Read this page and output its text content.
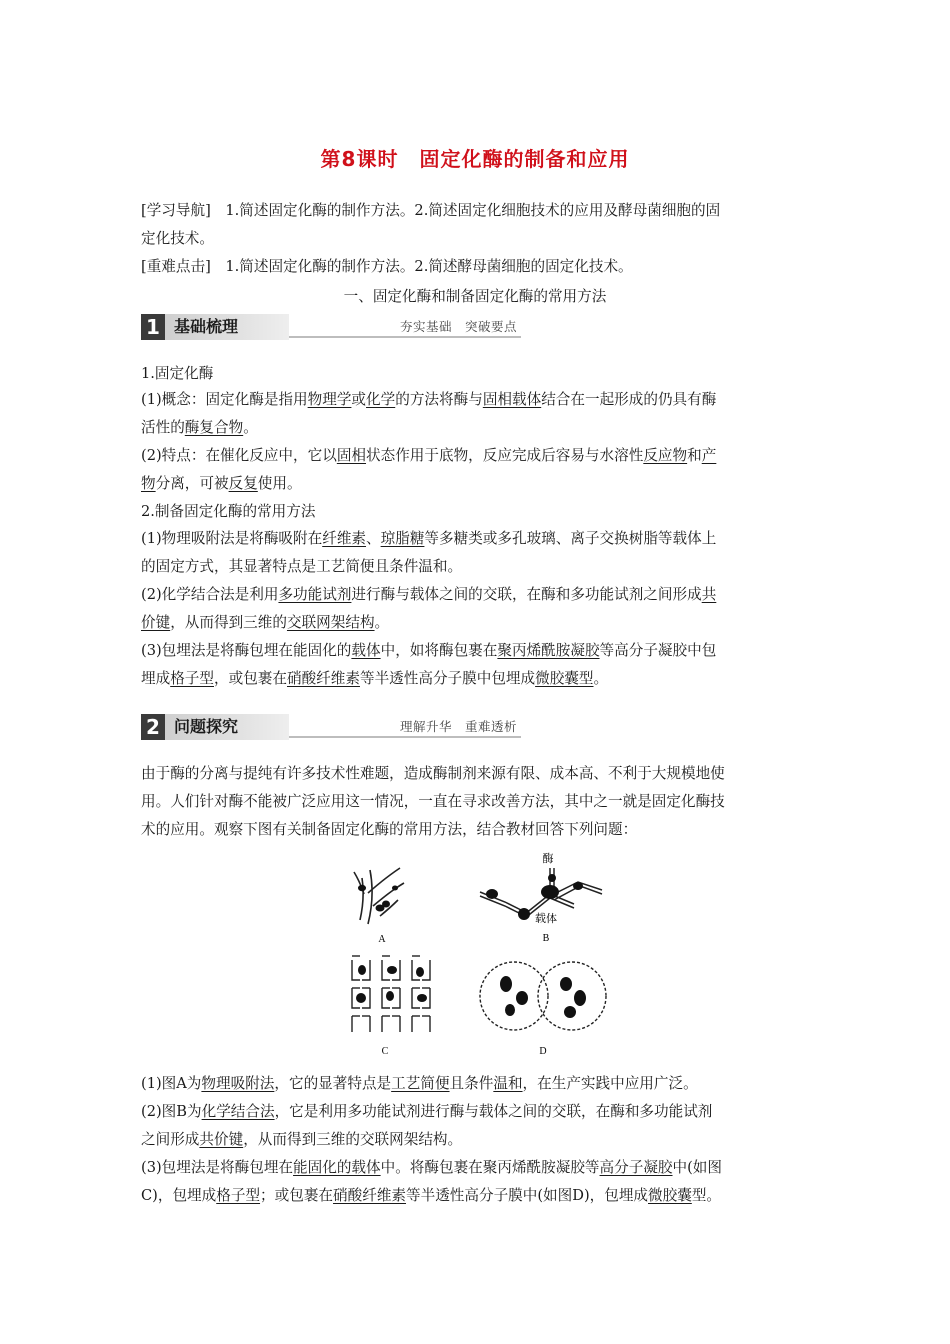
第8课时　固定化酶的制备和应用
[学习导航]　1.简述固定化酶的制作方法。2.简述固定化细胞技术的应用及酵母菌细胞的固
定化技术。
[重难点击]　1.简述固定化酶的制作方法。2.简述酵母菌细胞的固定化技术。
一、固定化酶和制备固定化酶的常用方法
1 基础梳理	夯实基础　突破要点
1.固定化酶
(1)概念：固定化酶是指用物理学或化学的方法将酶与固相载体结合在一起形成的仍具有酶
活性的酶复合物。
(2)特点：在催化反应中，它以固相状态作用于底物，反应完成后容易与水溶性反应物和产
物分离，可被反复使用。
2.制备固定化酶的常用方法
(1)物理吸附法是将酶吸附在纤维素、琼脂糖等多糖类或多孔玻璃、离子交换树脂等载体上
的固定方式，其显著特点是工艺简便且条件温和。
(2)化学结合法是利用多功能试剂进行酶与载体之间的交联，在酶和多功能试剂之间形成共
价键，从而得到三维的交联网架结构。
(3)包埋法是将酶包埋在能固化的载体中，如将酶包裹在聚丙烯酰胺凝胶等高分子凝胶中包
埋成格子型，或包裹在硝酸纤维素等半透性高分子膜中包埋成微胶囊型。
2 问题探究	理解升华　重难透析
由于酶的分离与提纯有许多技术性难题，造成酶制剂来源有限、成本高、不利于大规模地使
用。人们针对酶不能被广泛应用这一情况，一直在寻求改善方法，其中之一就是固定化酶技
术的应用。观察下图有关制备固定化酶的常用方法，结合教材回答下列问题：
A
酶
载体
B
C	D
(1)图A为物理吸附法，它的显著特点是工艺简便且条件温和，在生产实践中应用广泛。
(2)图B为化学结合法，它是利用多功能试剂进行酶与载体之间的交联，在酶和多功能试剂
之间形成共价键，从而得到三维的交联网架结构。
(3)包埋法是将酶包埋在能固化的载体中。将酶包裹在聚丙烯酰胺凝胶等高分子凝胶中(如图
C)，包埋成格子型；或包裹在硝酸纤维素等半透性高分子膜中(如图D)，包埋成微胶囊型。
